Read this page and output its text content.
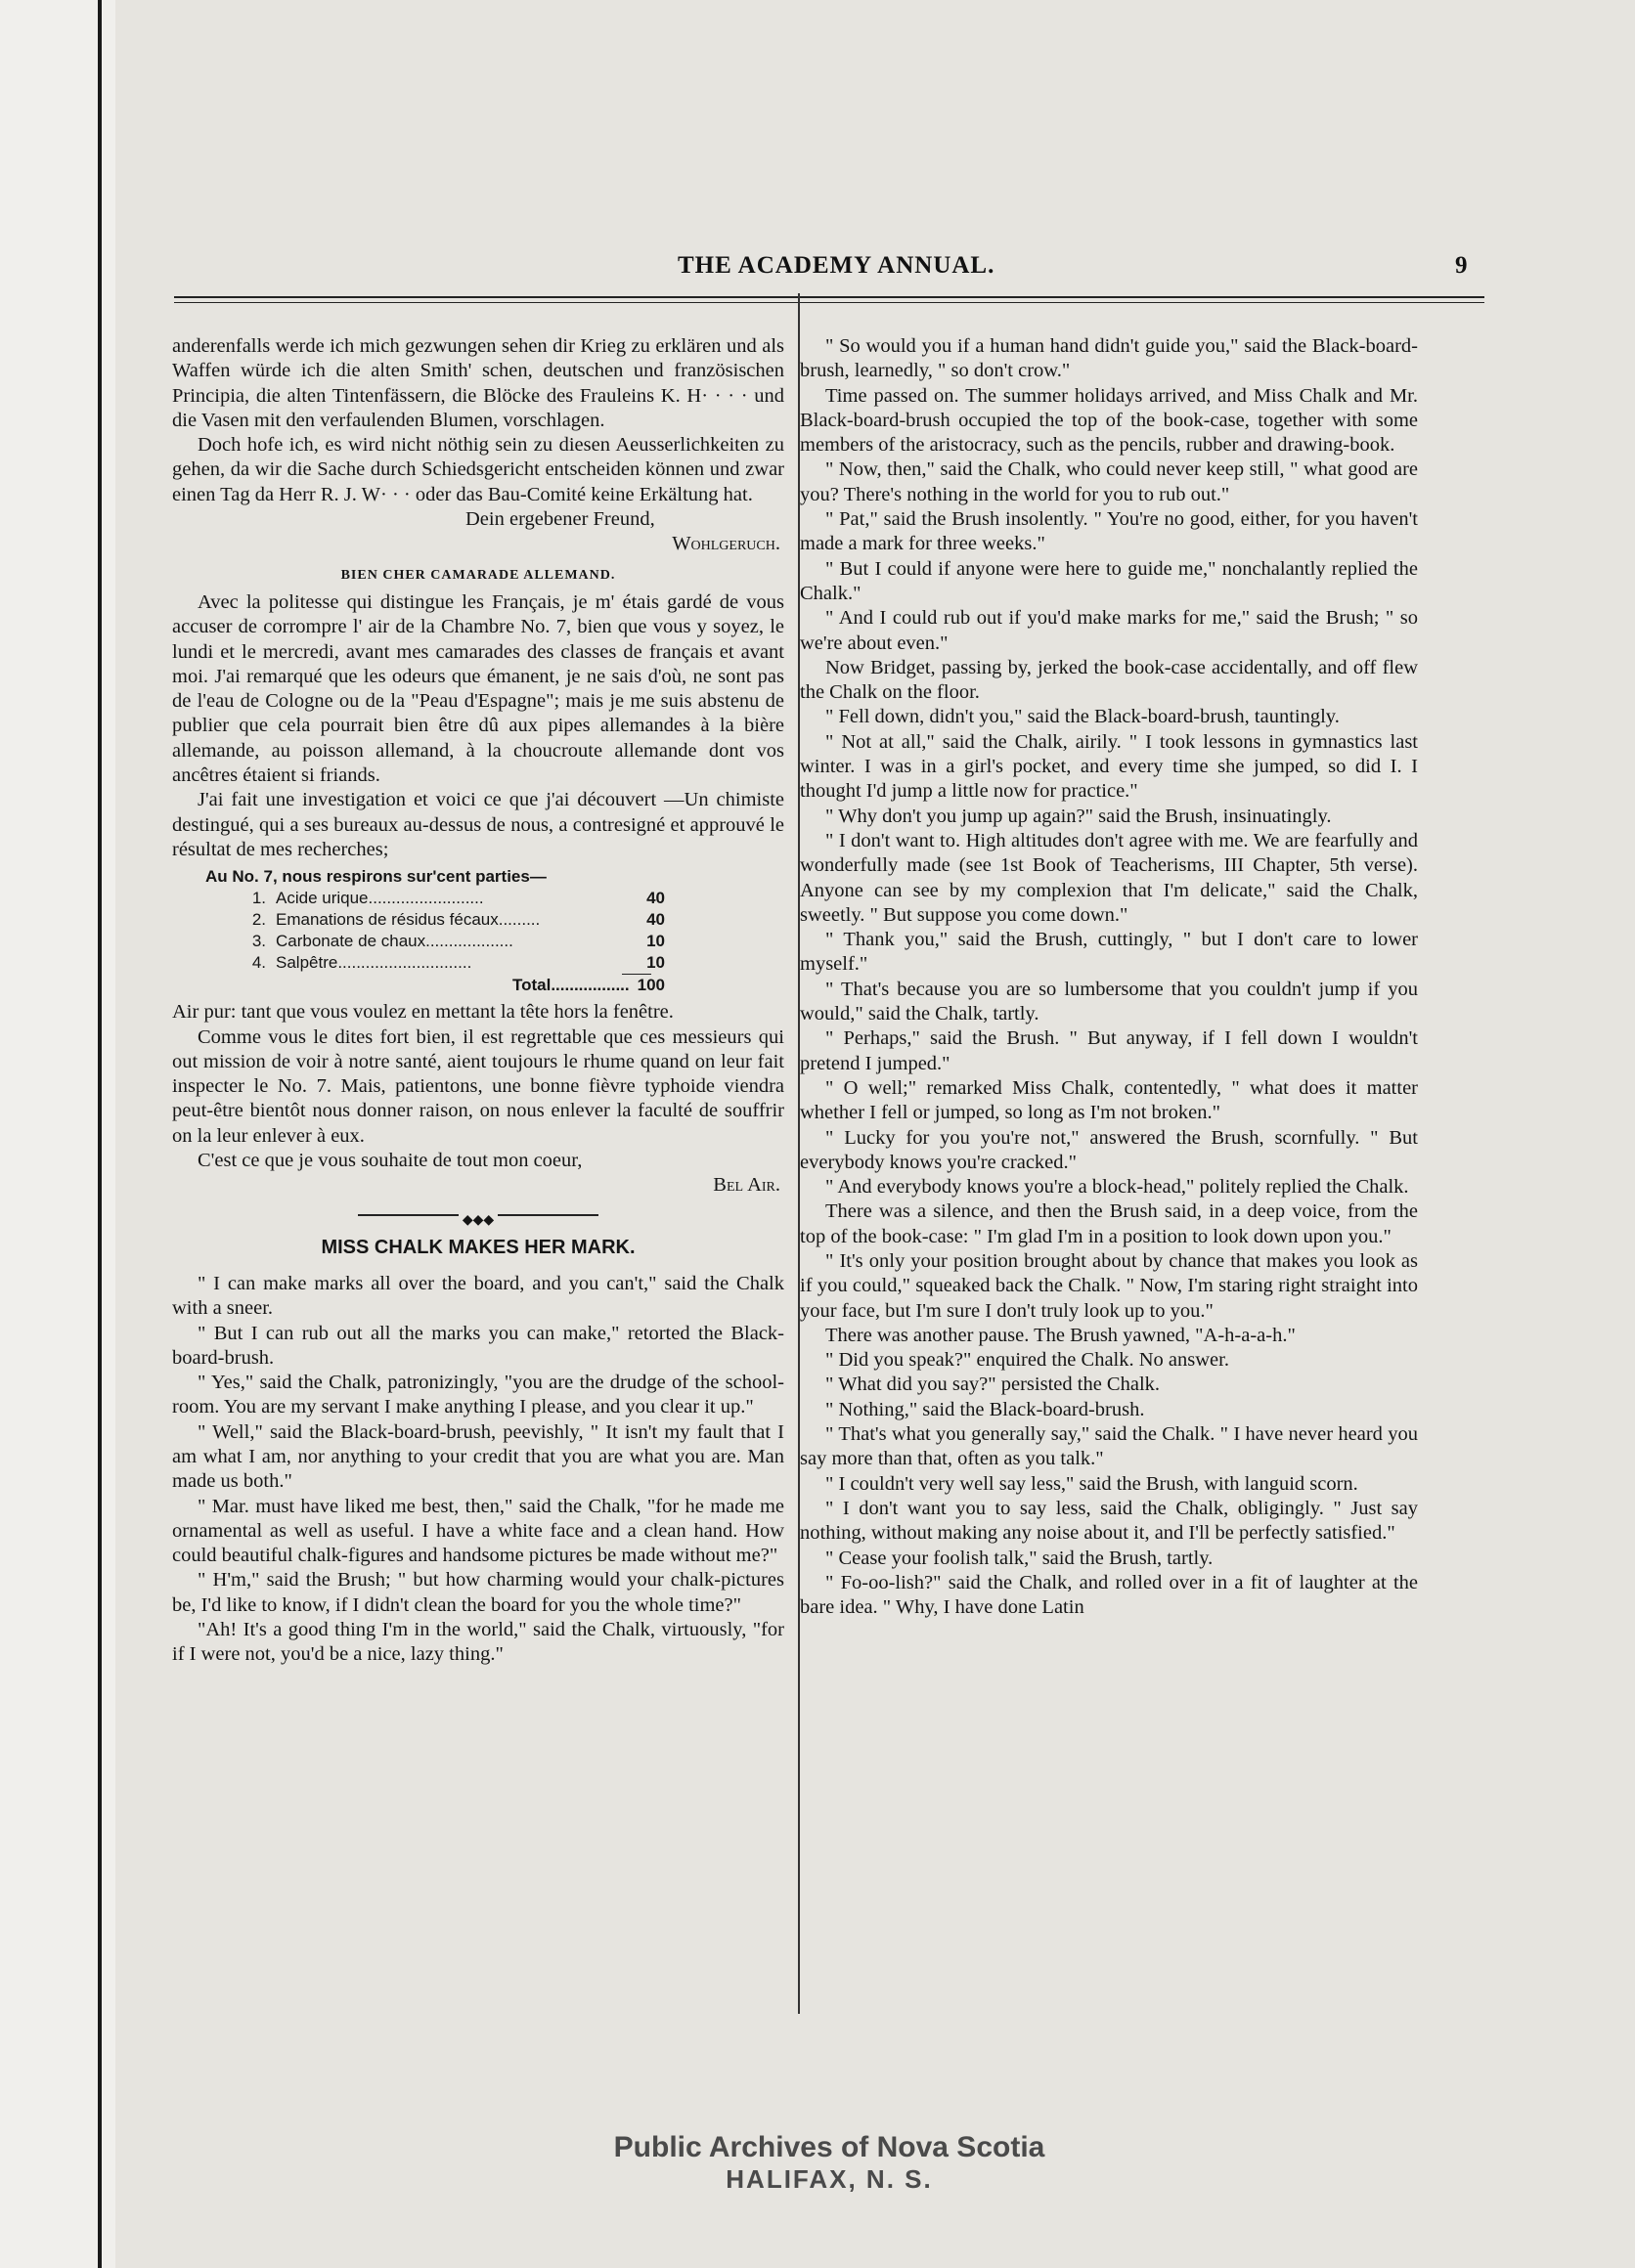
THE ACADEMY ANNUAL.	9

anderenfalls werde ich mich gezwungen sehen dir Krieg zu erklären und als Waffen würde ich die alten Smith' schen, deutschen und französischen Principia, die alten Tintenfässern, die Blöcke des Frauleins K. H· · · · und die Vasen mit den verfaulenden Blumen, vorschlagen.

Doch hofe ich, es wird nicht nöthig sein zu diesen Aeusserlichkeiten zu gehen, da wir die Sache durch Schiedsgericht entscheiden können und zwar einen Tag da Herr R. J. W· · · oder das Bau-Comité keine Erkältung hat.

Dein ergebener Freund,

Wohlgeruch.

BIEN CHER CAMARADE ALLEMAND.

Avec la politesse qui distingue les Français, je m' étais gardé de vous accuser de corrompre l' air de la Chambre No. 7, bien que vous y soyez, le lundi et le mercredi, avant mes camarades des classes de français et avant moi. J'ai remarqué que les odeurs que émanent, je ne sais d'où, ne sont pas de l'eau de Cologne ou de la "Peau d'Espagne"; mais je me suis abstenu de publier que cela pourrait bien être dû aux pipes allemandes à la bière allemande, au poisson allemand, à la choucroute allemande dont vos ancêtres étaient si friands.

J'ai fait une investigation et voici ce que j'ai découvert —Un chimiste destingué, qui a ses bureaux au-dessus de nous, a contresigné et approuvé le résultat de mes recherches;

Au No. 7, nous respirons sur'cent parties—
1. Acide urique.........................	40
2. Emanations de résidus fécaux.........	40
3. Carbonate de chaux...................	10
4. Salpêtre.............................	10
Total................. 100

Air pur: tant que vous voulez en mettant la tête hors la fenêtre.

Comme vous le dites fort bien, il est regrettable que ces messieurs qui out mission de voir à notre santé, aient toujours le rhume quand on leur fait inspecter le No. 7. Mais, patientons, une bonne fièvre typhoide viendra peut-être bientôt nous donner raison, on nous enlever la faculté de souffrir on la leur enlever à eux.

C'est ce que je vous souhaite de tout mon coeur,

Bel Air.

◆◆◆
MISS CHALK MAKES HER MARK.

" I can make marks all over the board, and you can't," said the Chalk with a sneer.

" But I can rub out all the marks you can make," retorted the Black-board-brush.

" Yes," said the Chalk, patronizingly, "you are the drudge of the school-room. You are my servant I make anything I please, and you clear it up."

" Well," said the Black-board-brush, peevishly, " It isn't my fault that I am what I am, nor anything to your credit that you are what you are. Man made us both."

" Mar. must have liked me best, then," said the Chalk, "for he made me ornamental as well as useful. I have a white face and a clean hand. How could beautiful chalk-figures and handsome pictures be made without me?"

" H'm," said the Brush; " but how charming would your chalk-pictures be, I'd like to know, if I didn't clean the board for you the whole time?"

"Ah! It's a good thing I'm in the world," said the Chalk, virtuously, "for if I were not, you'd be a nice, lazy thing."

" So would you if a human hand didn't guide you," said the Black-board-brush, learnedly, " so don't crow."

Time passed on. The summer holidays arrived, and Miss Chalk and Mr. Black-board-brush occupied the top of the book-case, together with some members of the aristocracy, such as the pencils, rubber and drawing-book.

" Now, then," said the Chalk, who could never keep still, " what good are you? There's nothing in the world for you to rub out."

" Pat," said the Brush insolently. " You're no good, either, for you haven't made a mark for three weeks."

" But I could if anyone were here to guide me," nonchalantly replied the Chalk."

" And I could rub out if you'd make marks for me," said the Brush; " so we're about even."

Now Bridget, passing by, jerked the book-case accidentally, and off flew the Chalk on the floor.

" Fell down, didn't you," said the Black-board-brush, tauntingly.

" Not at all," said the Chalk, airily. " I took lessons in gymnastics last winter. I was in a girl's pocket, and every time she jumped, so did I. I thought I'd jump a little now for practice."

" Why don't you jump up again?" said the Brush, insinuatingly.

" I don't want to. High altitudes don't agree with me. We are fearfully and wonderfully made (see 1st Book of Teacherisms, III Chapter, 5th verse). Anyone can see by my complexion that I'm delicate," said the Chalk, sweetly. " But suppose you come down."

" Thank you," said the Brush, cuttingly, " but I don't care to lower myself."

" That's because you are so lumbersome that you couldn't jump if you would," said the Chalk, tartly.

" Perhaps," said the Brush. " But anyway, if I fell down I wouldn't pretend I jumped."

" O well;" remarked Miss Chalk, contentedly, " what does it matter whether I fell or jumped, so long as I'm not broken."

" Lucky for you you're not," answered the Brush, scornfully. " But everybody knows you're cracked."

" And everybody knows you're a block-head," politely replied the Chalk.

There was a silence, and then the Brush said, in a deep voice, from the top of the book-case: " I'm glad I'm in a position to look down upon you."

" It's only your position brought about by chance that makes you look as if you could," squeaked back the Chalk. " Now, I'm staring right straight into your face, but I'm sure I don't truly look up to you."

There was another pause. The Brush yawned, "A-h-a-a-h."

" Did you speak?" enquired the Chalk. No answer.

" What did you say?" persisted the Chalk.

" Nothing," said the Black-board-brush.

" That's what you generally say," said the Chalk. " I have never heard you say more than that, often as you talk."

" I couldn't very well say less," said the Brush, with languid scorn.

" I don't want you to say less, said the Chalk, obligingly. " Just say nothing, without making any noise about it, and I'll be perfectly satisfied."

" Cease your foolish talk," said the Brush, tartly.

" Fo-oo-lish?" said the Chalk, and rolled over in a fit of laughter at the bare idea. " Why, I have done Latin

Public Archives of Nova Scotia
HALIFAX, N. S.
